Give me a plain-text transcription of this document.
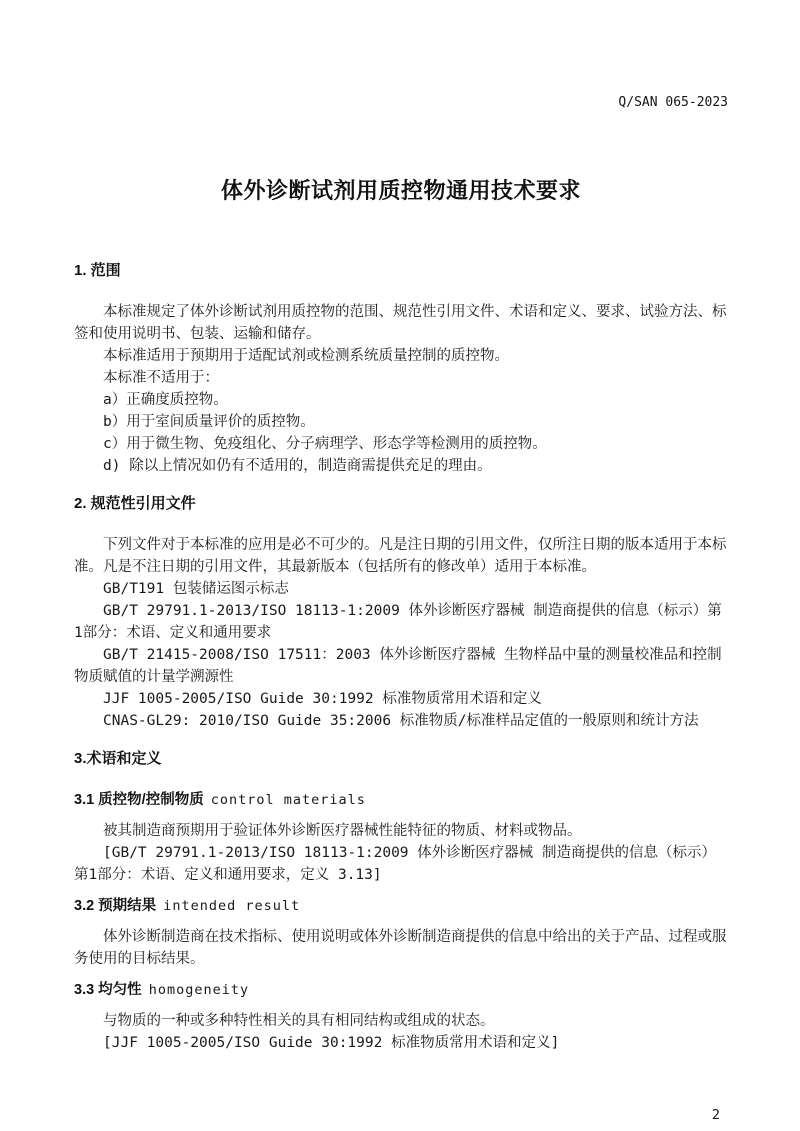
Q/SAN 065-2023
体外诊断试剂用质控物通用技术要求
1. 范围

本标准规定了体外诊断试剂用质控物的范围、规范性引用文件、术语和定义、要求、试验方法、标签和使用说明书、包装、运输和储存。

本标准适用于预期用于适配试剂或检测系统质量控制的质控物。

本标准不适用于：

a）正确度质控物。

b）用于室间质量评价的质控物。

c）用于微生物、免疫组化、分子病理学、形态学等检测用的质控物。

d) 除以上情况如仍有不适用的，制造商需提供充足的理由。

2. 规范性引用文件

下列文件对于本标准的应用是必不可少的。凡是注日期的引用文件，仅所注日期的版本适用于本标准。凡是不注日期的引用文件，其最新版本（包括所有的修改单）适用于本标准。

GB/T191 包装储运图示标志

GB/T 29791.1-2013/ISO 18113-1:2009 体外诊断医疗器械 制造商提供的信息（标示）第1部分：术语、定义和通用要求

GB/T 21415-2008/ISO 17511：2003 体外诊断医疗器械 生物样品中量的测量校准品和控制物质赋值的计量学溯源性

JJF 1005-2005/ISO Guide 30:1992 标准物质常用术语和定义

CNAS-GL29: 2010/ISO Guide 35:2006 标准物质/标准样品定值的一般原则和统计方法

3.术语和定义
3.1 质控物/控制物质 control materials

被其制造商预期用于验证体外诊断医疗器械性能特征的物质、材料或物品。

[GB/T 29791.1-2013/ISO 18113-1:2009 体外诊断医疗器械 制造商提供的信息（标示）第1部分：术语、定义和通用要求，定义 3.13]

3.2 预期结果 intended result

体外诊断制造商在技术指标、使用说明或体外诊断制造商提供的信息中给出的关于产品、过程或服务使用的目标结果。

3.3 均匀性 homogeneity

与物质的一种或多种特性相关的具有相同结构或组成的状态。

[JJF 1005-2005/ISO Guide 30:1992 标准物质常用术语和定义]

2
